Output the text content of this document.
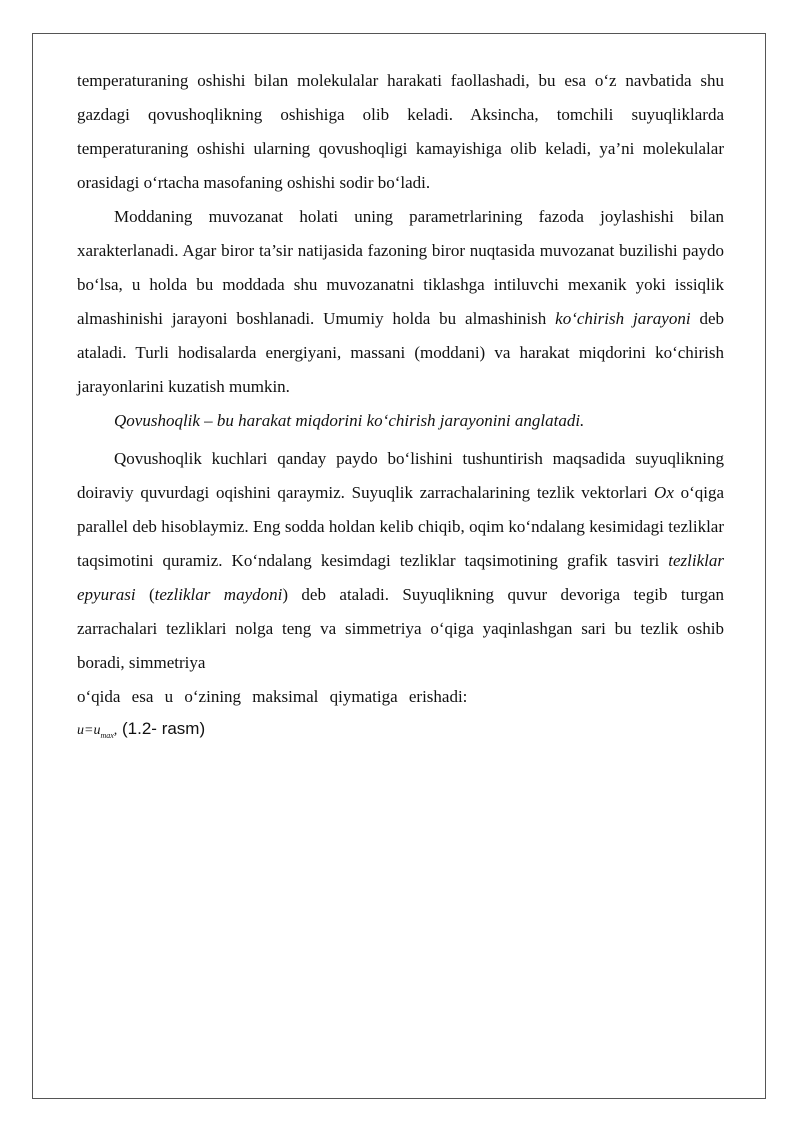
temperaturaning oshishi bilan molekulalar harakati faollashadi, bu esa o‘z navbatida shu gazdagi qovushoqlikning oshishiga olib keladi. Aksincha, tomchili suyuqliklarda temperaturaning oshishi ularning qovushoqligi kamayishiga olib keladi, ya’ni molekulalar orasidagi o‘rtacha masofaning oshishi sodir bo‘ladi.

Moddaning muvozanat holati uning parametrlarining fazoda joylashishi bilan xarakterlanadi. Agar biror ta’sir natijasida fazoning biror nuqtasida muvozanat buzilishi paydo bo‘lsa, u holda bu moddada shu muvozanatni tiklashga intiluvchi mexanik yoki issiqlik almashinishi jarayoni boshlanadi. Umumiy holda bu almashinish ko‘chirish jarayoni deb ataladi. Turli hodisalarda energiyani, massani (moddani) va harakat miqdorini ko‘chirish jarayonlarini kuzatish mumkin.

Qovushoqlik – bu harakat miqdorini ko‘chirish jarayonini anglatadi.

Qovushoqlik kuchlari qanday paydo bo‘lishini tushuntirish maqsadida suyuqlikning doiraviy quvurdagi oqishini qaraymiz. Suyuqlik zarrachalarining tezlik vektorlari Ox o‘qiga parallel deb hisoblaymiz. Eng sodda holdan kelib chiqib, oqim ko‘ndalang kesimidagi tezliklar taqsimotini quramiz. Ko‘ndalang kesimdagi tezliklar taqsimotining grafik tasviri tezliklar epyurasi (tezliklar maydoni) deb ataladi. Suyuqlikning quvur devoriga tegib turgan zarrachalari tezliklari nolga teng va simmetriya o‘qiga yaqinlashgan sari bu tezlik oshib boradi, simmetriya

o‘qida esa u o‘zining maksimal qiymatiga erishadi:

$u=u_{max}$, (1.2- rasm)
